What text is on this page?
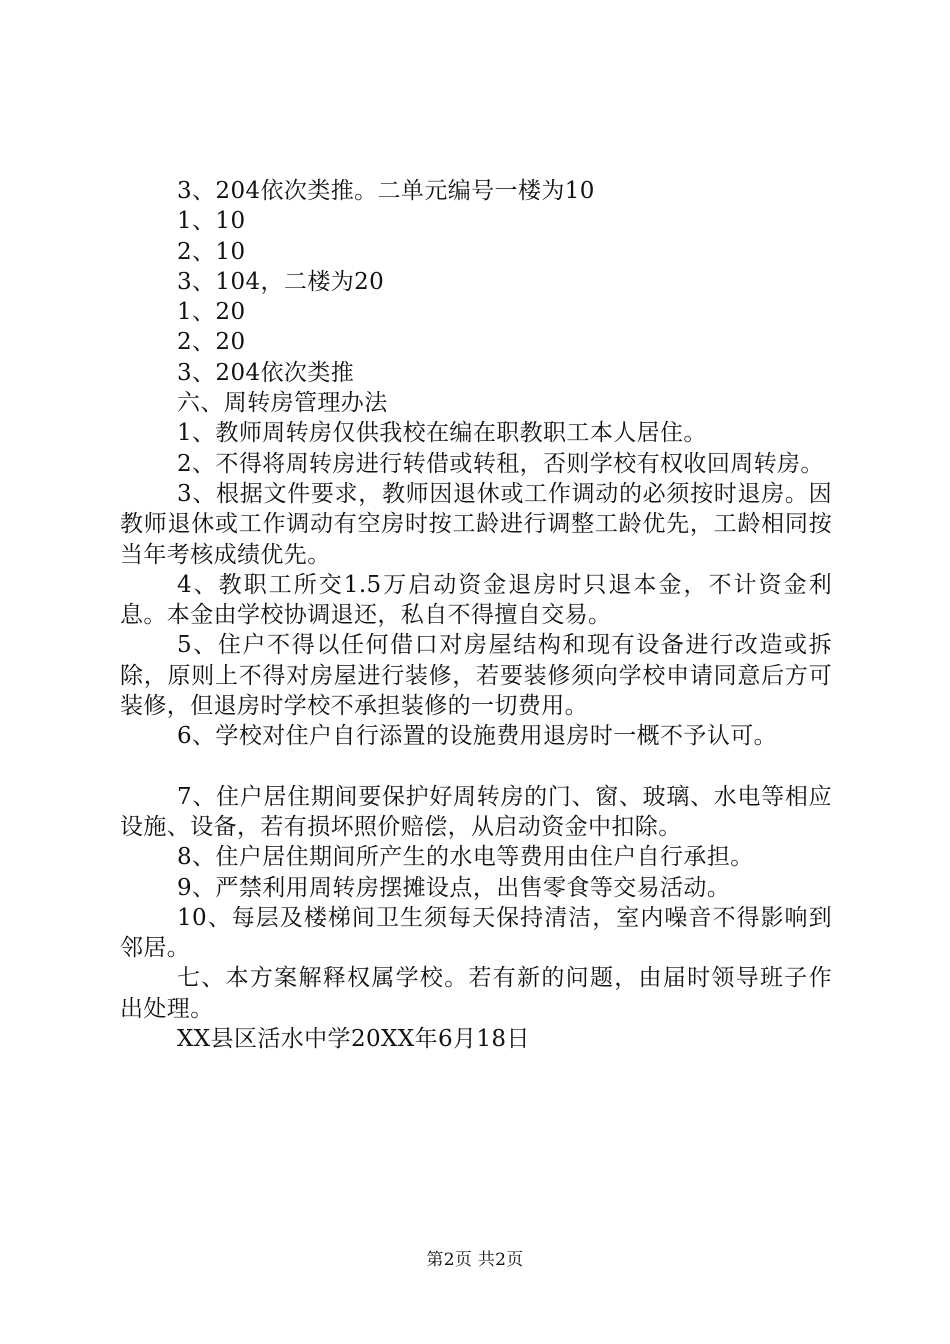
3、204依次类推。二单元编号一楼为10

1、10

2、10

3、104，二楼为20

1、20

2、20

3、204依次类推

六、周转房管理办法

1、教师周转房仅供我校在编在职教职工本人居住。

2、不得将周转房进行转借或转租，否则学校有权收回周转房。

3、根据文件要求，教师因退休或工作调动的必须按时退房。因教师退休或工作调动有空房时按工龄进行调整工龄优先，工龄相同按当年考核成绩优先。

4、教职工所交1.5万启动资金退房时只退本金，不计资金利息。本金由学校协调退还，私自不得擅自交易。

5、住户不得以任何借口对房屋结构和现有设备进行改造或拆除，原则上不得对房屋进行装修，若要装修须向学校申请同意后方可装修，但退房时学校不承担装修的一切费用。

6、学校对住户自行添置的设施费用退房时一概不予认可。

7、住户居住期间要保护好周转房的门、窗、玻璃、水电等相应设施、设备，若有损坏照价赔偿，从启动资金中扣除。

8、住户居住期间所产生的水电等费用由住户自行承担。

9、严禁利用周转房摆摊设点，出售零食等交易活动。

10、每层及楼梯间卫生须每天保持清洁，室内噪音不得影响到邻居。

七、本方案解释权属学校。若有新的问题，由届时领导班子作出处理。

XX县区活水中学20XX年6月18日

第2页 共2页
